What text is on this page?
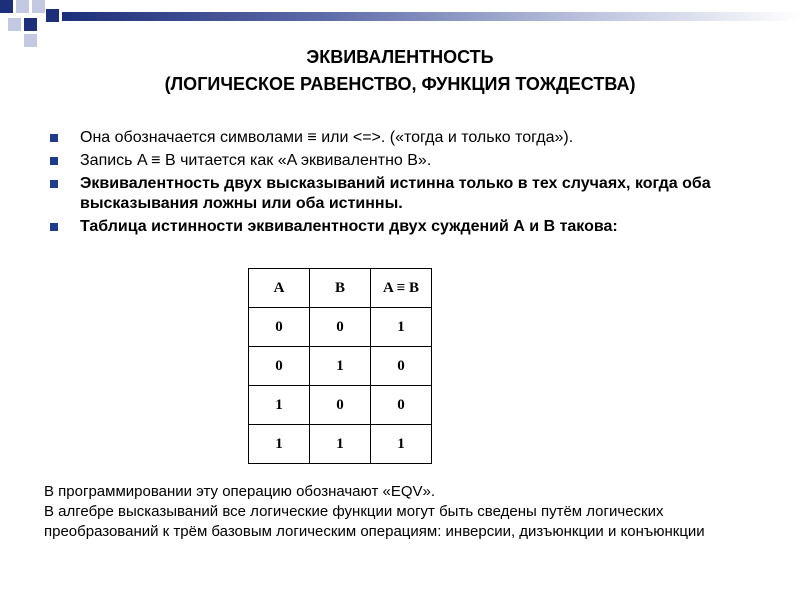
ЭКВИВАЛЕНТНОСТЬ
(ЛОГИЧЕСКОЕ РАВЕНСТВО, ФУНКЦИЯ ТОЖДЕСТВА)
Она обозначается символами ≡ или <=>. («тогда и только тогда»).
Запись A ≡ B читается как «A эквивалентно B».
Эквивалентность двух высказываний истинна только в тех случаях, когда оба высказывания ложны или оба истинны.
Таблица истинности эквивалентности двух суждений А и В такова:
A	B	A ≡ B
0	0	1
0	1	0
1	0	0
1	1	1

В программировании эту операцию обозначают «EQV».

В алгебре высказываний все логические функции могут быть сведены путём логических преобразований к трём базовым логическим операциям: инверсии, дизъюнкции и конъюнкции
